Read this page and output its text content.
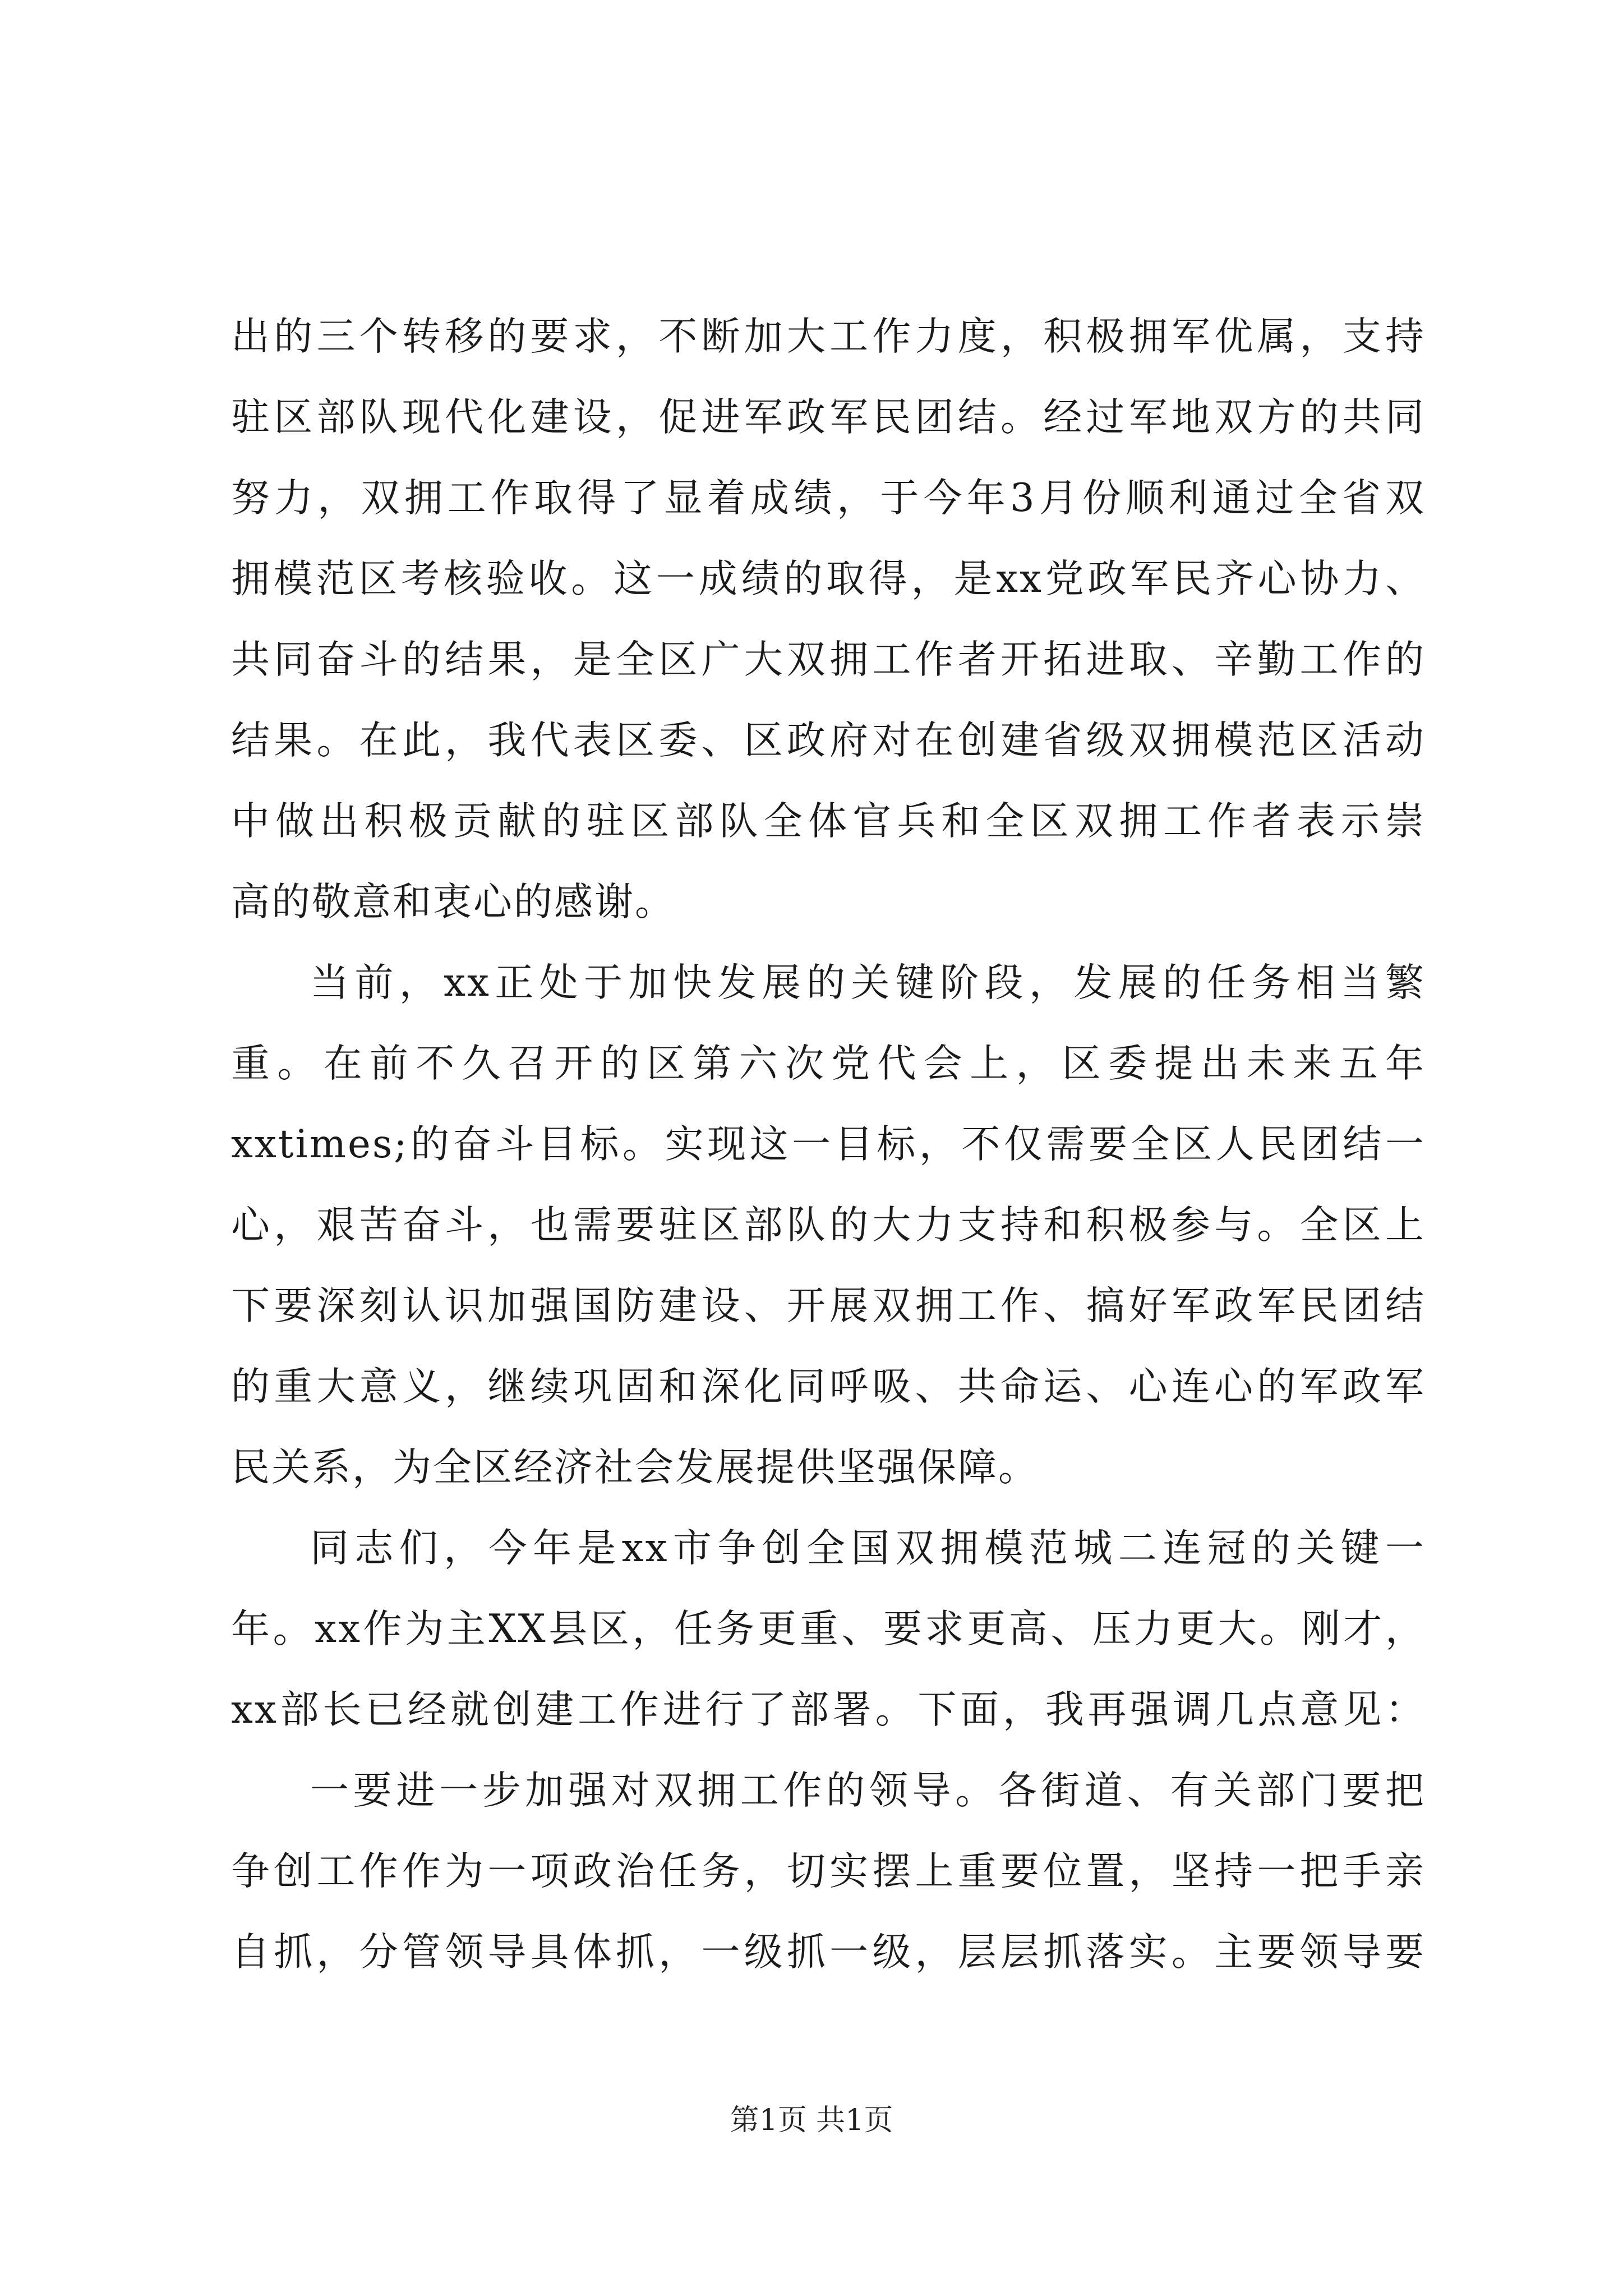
出的三个转移的要求，不断加大工作力度，积极拥军优属，支持
驻区部队现代化建设，促进军政军民团结。经过军地双方的共同
努力，双拥工作取得了显着成绩，于今年3月份顺利通过全省双
拥模范区考核验收。这一成绩的取得，是xx党政军民齐心协力、
共同奋斗的结果，是全区广大双拥工作者开拓进取、辛勤工作的
结果。在此，我代表区委、区政府对在创建省级双拥模范区活动
中做出积极贡献的驻区部队全体官兵和全区双拥工作者表示崇
高的敬意和衷心的感谢。

当前，xx正处于加快发展的关键阶段，发展的任务相当繁
重。在前不久召开的区第六次党代会上，区委提出未来五年
xxtimes;的奋斗目标。实现这一目标，不仅需要全区人民团结一
心，艰苦奋斗，也需要驻区部队的大力支持和积极参与。全区上
下要深刻认识加强国防建设、开展双拥工作、搞好军政军民团结
的重大意义，继续巩固和深化同呼吸、共命运、心连心的军政军
民关系，为全区经济社会发展提供坚强保障。

同志们，今年是xx市争创全国双拥模范城二连冠的关键一
年。xx作为主XX县区，任务更重、要求更高、压力更大。刚才，
xx部长已经就创建工作进行了部署。下面，我再强调几点意见：

一要进一步加强对双拥工作的领导。各街道、有关部门要把
争创工作作为一项政治任务，切实摆上重要位置，坚持一把手亲
自抓，分管领导具体抓，一级抓一级，层层抓落实。主要领导要

第1页 共1页
